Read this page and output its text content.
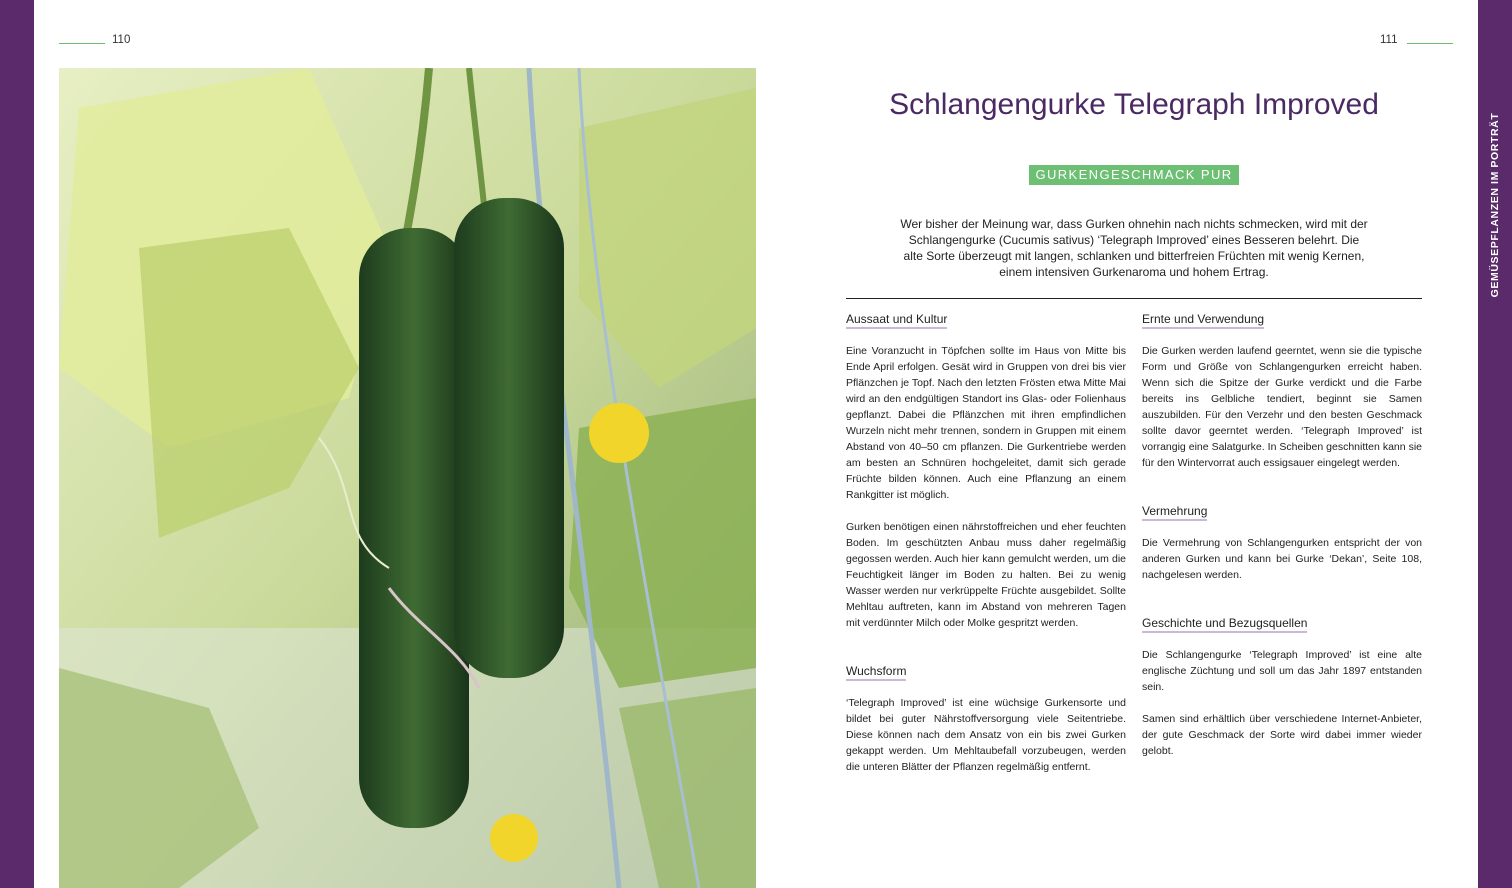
GEMÜSEPFLANZEN IM PORTRÄT
110	111
Schlangengurke Telegraph Improved
GURKENGESCHMACK PUR

Wer bisher der Meinung war, dass Gurken ohnehin nach nichts schmecken, wird mit der Schlangengurke (Cucumis sativus) ‘Telegraph Improved’ eines Besseren belehrt. Die alte Sorte überzeugt mit langen, schlanken und bitterfreien Früchten mit wenig Kernen, einem intensiven Gurkenaroma und hohem Ertrag.

Aussaat und Kultur

Eine Voranzucht in Töpfchen sollte im Haus von Mitte bis Ende April erfolgen. Gesät wird in Gruppen von drei bis vier Pflänzchen je Topf. Nach den letzten Frösten etwa Mitte Mai wird an den endgültigen Standort ins Glas- oder Folienhaus gepflanzt. Dabei die Pflänzchen mit ihren empfindlichen Wurzeln nicht mehr trennen, sondern in Gruppen mit einem Abstand von 40–50 cm pflanzen. Die Gurkentriebe werden am besten an Schnüren hochgeleitet, damit sich gerade Früchte bilden können. Auch eine Pflanzung an einem Rankgitter ist möglich.

Gurken benötigen einen nährstoffreichen und eher feuchten Boden. Im geschützten Anbau muss daher regelmäßig gegossen werden. Auch hier kann gemulcht werden, um die Feuchtigkeit länger im Boden zu halten. Bei zu wenig Wasser werden nur verkrüppelte Früchte ausgebildet. Sollte Mehltau auftreten, kann im Abstand von mehreren Tagen mit verdünnter Milch oder Molke gespritzt werden.

Wuchsform

‘Telegraph Improved’ ist eine wüchsige Gurkensorte und bildet bei guter Nährstoffversorgung viele Seitentriebe. Diese können nach dem Ansatz von ein bis zwei Gurken gekappt werden. Um Mehltaubefall vorzubeugen, werden die unteren Blätter der Pflanzen regelmäßig entfernt.

Ernte und Verwendung

Die Gurken werden laufend geerntet, wenn sie die typische Form und Größe von Schlangengurken erreicht haben. Wenn sich die Spitze der Gurke verdickt und die Farbe bereits ins Gelbliche tendiert, beginnt sie Samen auszubilden. Für den Verzehr und den besten Geschmack sollte davor geerntet werden. ‘Telegraph Improved’ ist vorrangig eine Salatgurke. In Scheiben geschnitten kann sie für den Wintervorrat auch essigsauer eingelegt werden.

Vermehrung

Die Vermehrung von Schlangengurken entspricht der von anderen Gurken und kann bei Gurke ‘Dekan’, Seite 108, nachgelesen werden.

Geschichte und Bezugsquellen

Die Schlangengurke ‘Telegraph Improved’ ist eine alte englische Züchtung und soll um das Jahr 1897 entstanden sein.

Samen sind erhältlich über verschiedene Internet-Anbieter, der gute Geschmack der Sorte wird dabei immer wieder gelobt.
